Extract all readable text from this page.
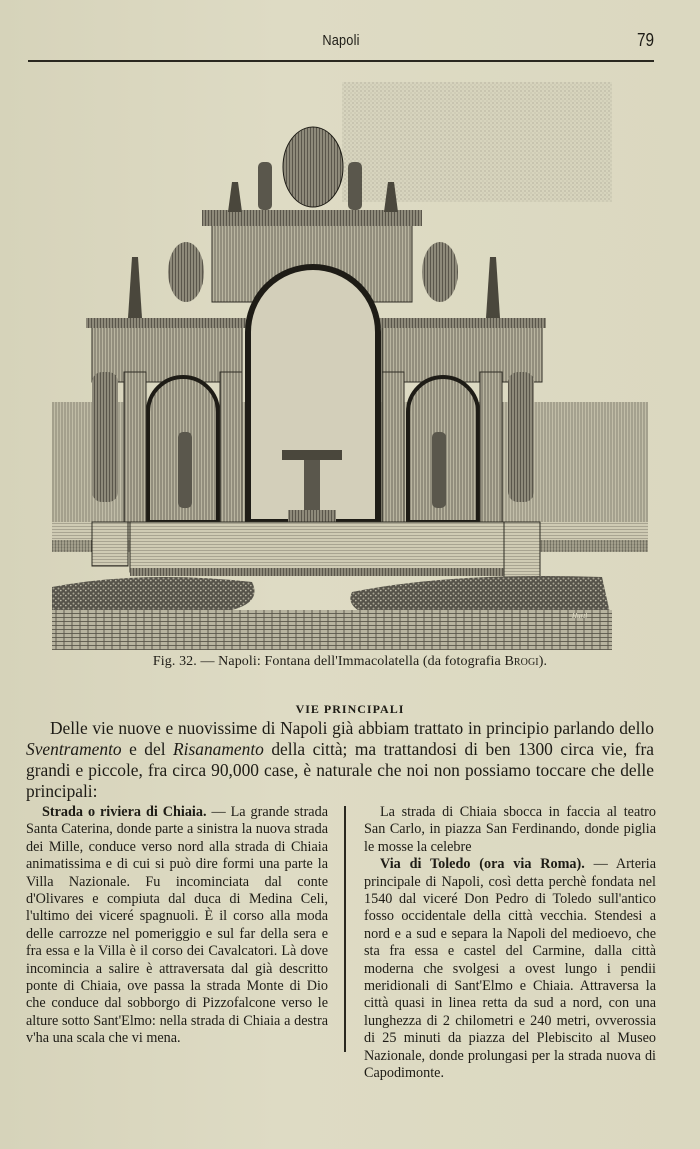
Napoli	79
Hurtl
Fig. 32. — Napoli: Fontana dell'Immacolatella (da fotografia Brogi).
VIE PRINCIPALI

Delle vie nuove e nuovissime di Napoli già abbiam trattato in principio parlando dello Sventramento e del Risanamento della città; ma trattandosi di ben 1300 circa vie, fra grandi e piccole, fra circa 90,000 case, è naturale che noi non possiamo toccare che delle principali:

Strada o riviera di Chiaia. — La grande strada Santa Caterina, donde parte a sinistra la nuova strada dei Mille, conduce verso nord alla strada di Chiaia animatissima e di cui si può dire formi una parte la Villa Nazionale. Fu incominciata dal conte d'Olivares e compiuta dal duca di Medina Celi, l'ultimo dei viceré spagnuoli. È il corso alla moda delle carrozze nel pomeriggio e sul far della sera e fra essa e la Villa è il corso dei Cavalcatori. Là dove incomincia a salire è attraversata dal già descritto ponte di Chiaia, ove passa la strada Monte di Dio che conduce dal sobborgo di Pizzofalcone verso le alture sotto Sant'Elmo: nella strada di Chiaia a destra v'ha una scala che vi mena.

La strada di Chiaia sbocca in faccia al teatro San Carlo, in piazza San Ferdinando, donde piglia le mosse la celebre

Via di Toledo (ora via Roma). — Arteria principale di Napoli, così detta perchè fondata nel 1540 dal viceré Don Pedro di Toledo sull'antico fosso occidentale della città vecchia. Stendesi a nord e a sud e separa la Napoli del medioevo, che sta fra essa e castel del Carmine, dalla città moderna che svolgesi a ovest lungo i pendii meridionali di Sant'Elmo e Chiaia. Attraversa la città quasi in linea retta da sud a nord, con una lunghezza di 2 chilometri e 240 metri, ovverossia di 25 minuti da piazza del Plebiscito al Museo Nazionale, donde prolungasi per la strada nuova di Capodimonte.
